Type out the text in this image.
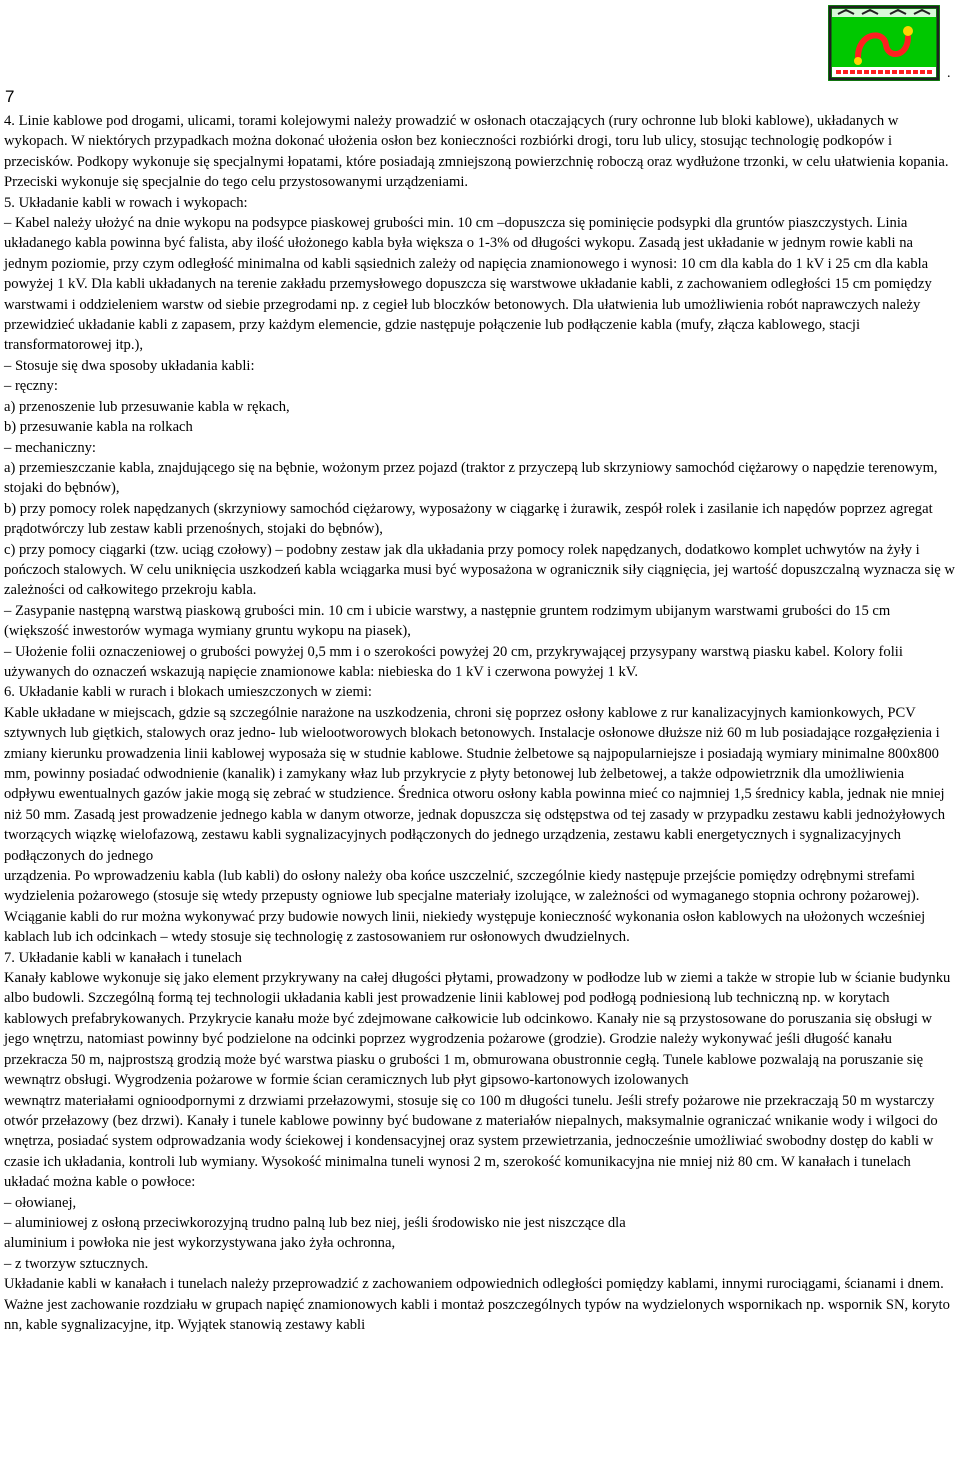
.
7

4. Linie kablowe pod drogami, ulicami, torami kolejowymi należy prowadzić w osłonach otaczających (rury ochronne lub bloki kablowe), układanych w wykopach. W niektórych przypadkach można dokonać ułożenia osłon bez konieczności rozbiórki drogi, toru lub ulicy, stosując technologię podkopów i przecisków. Podkopy wykonuje się specjalnymi łopatami, które posiadają zmniejszoną powierzchnię roboczą oraz wydłużone trzonki, w celu ułatwienia kopania. Przeciski wykonuje się specjalnie do tego celu przystosowanymi urządzeniami.

5. Układanie kabli w rowach i wykopach:

– Kabel należy ułożyć na dnie wykopu na podsypce piaskowej grubości min. 10 cm –dopuszcza się pominięcie podsypki dla gruntów piaszczystych. Linia układanego kabla powinna być falista, aby ilość ułożonego kabla była większa o 1-3% od długości wykopu. Zasadą jest układanie w jednym rowie kabli na jednym poziomie, przy czym odległość minimalna od kabli sąsiednich zależy od napięcia znamionowego i wynosi: 10 cm dla kabla do 1 kV i 25 cm dla kabla powyżej 1 kV. Dla kabli układanych na terenie zakładu przemysłowego dopuszcza się warstwowe układanie kabli, z zachowaniem odległości 15 cm pomiędzy warstwami i oddzieleniem warstw od siebie przegrodami np. z cegieł lub bloczków betonowych. Dla ułatwienia lub umożliwienia robót naprawczych należy przewidzieć układanie kabli z zapasem, przy każdym elemencie, gdzie następuje połączenie lub podłączenie kabla (mufy, złącza kablowego, stacji transformatorowej itp.),

– Stosuje się dwa sposoby układania kabli:

– ręczny:

a) przenoszenie lub przesuwanie kabla w rękach,

b) przesuwanie kabla na rolkach

– mechaniczny:

a) przemieszczanie kabla, znajdującego się na bębnie, wożonym przez pojazd (traktor z przyczepą lub skrzyniowy samochód ciężarowy o napędzie terenowym, stojaki do bębnów),

b) przy pomocy rolek napędzanych (skrzyniowy samochód ciężarowy, wyposażony w ciągarkę i żurawik, zespół rolek i zasilanie ich napędów poprzez agregat prądotwórczy lub zestaw kabli przenośnych, stojaki do bębnów),

c) przy pomocy ciągarki (tzw. uciąg czołowy) – podobny zestaw jak dla układania przy pomocy rolek napędzanych, dodatkowo komplet uchwytów na żyły i pończoch stalowych. W celu uniknięcia uszkodzeń kabla wciągarka musi być wyposażona w ogranicznik siły ciągnięcia, jej wartość dopuszczalną wyznacza się w zależności od całkowitego przekroju kabla.

– Zasypanie następną warstwą piaskową grubości min. 10 cm i ubicie warstwy, a następnie gruntem rodzimym ubijanym warstwami grubości do 15 cm (większość inwestorów wymaga wymiany gruntu wykopu na piasek),

– Ułożenie folii oznaczeniowej o grubości powyżej 0,5 mm i o szerokości powyżej 20 cm, przykrywającej przysypany warstwą piasku kabel. Kolory folii używanych do oznaczeń wskazują napięcie znamionowe kabla: niebieska do 1 kV i czerwona powyżej 1 kV.

6. Układanie kabli w rurach i blokach umieszczonych w ziemi:

Kable układane w miejscach, gdzie są szczególnie narażone na uszkodzenia, chroni się poprzez osłony kablowe z rur kanalizacyjnych kamionkowych, PCV sztywnych lub giętkich, stalowych oraz jedno- lub wielootworowych blokach betonowych. Instalacje osłonowe dłuższe niż 60 m lub posiadające rozgałęzienia i zmiany kierunku prowadzenia linii kablowej wyposaża się w studnie kablowe. Studnie żelbetowe są najpopularniejsze i posiadają wymiary minimalne 800x800 mm, powinny posiadać odwodnienie (kanalik) i zamykany właz lub przykrycie z płyty betonowej lub żelbetowej, a także odpowietrznik dla umożliwienia odpływu ewentualnych gazów jakie mogą się zebrać w studzience. Średnica otworu osłony kabla powinna mieć co najmniej 1,5 średnicy kabla, jednak nie mniej niż 50 mm. Zasadą jest prowadzenie jednego kabla w danym otworze, jednak dopuszcza się odstępstwa od tej zasady w przypadku zestawu kabli jednożyłowych tworzących wiązkę wielofazową, zestawu kabli sygnalizacyjnych podłączonych do jednego urządzenia, zestawu kabli energetycznych i sygnalizacyjnych podłączonych do jednego

urządzenia. Po wprowadzeniu kabla (lub kabli) do osłony należy oba końce uszczelnić, szczególnie kiedy następuje przejście pomiędzy odrębnymi strefami wydzielenia pożarowego (stosuje się wtedy przepusty ogniowe lub specjalne materiały izolujące, w zależności od wymaganego stopnia ochrony pożarowej). Wciąganie kabli do rur można wykonywać przy budowie nowych linii, niekiedy występuje konieczność wykonania osłon kablowych na ułożonych wcześniej kablach lub ich odcinkach – wtedy stosuje się technologię z zastosowaniem rur osłonowych dwudzielnych.

7. Układanie kabli w kanałach i tunelach

Kanały kablowe wykonuje się jako element przykrywany na całej długości płytami, prowadzony w podłodze lub w ziemi a także w stropie lub w ścianie budynku albo budowli. Szczególną formą tej technologii układania kabli jest prowadzenie linii kablowej pod podłogą podniesioną lub techniczną np. w korytach kablowych prefabrykowanych. Przykrycie kanału może być zdejmowane całkowicie lub odcinkowo. Kanały nie są przystosowane do poruszania się obsługi w jego wnętrzu, natomiast powinny być podzielone na odcinki poprzez wygrodzenia pożarowe (grodzie). Grodzie należy wykonywać jeśli długość kanału przekracza 50 m, najprostszą grodzią może być warstwa piasku o grubości 1 m, obmurowana obustronnie cegłą. Tunele kablowe pozwalają na poruszanie się wewnątrz obsługi. Wygrodzenia pożarowe w formie ścian ceramicznych lub płyt gipsowo-kartonowych izolowanych

wewnątrz materiałami ognioodpornymi z drzwiami przełazowymi, stosuje się co 100 m długości tunelu. Jeśli strefy pożarowe nie przekraczają 50 m wystarczy otwór przełazowy (bez drzwi). Kanały i tunele kablowe powinny być budowane z materiałów niepalnych, maksymalnie ograniczać wnikanie wody i wilgoci do wnętrza, posiadać system odprowadzania wody ściekowej i kondensacyjnej oraz system przewietrzania, jednocześnie umożliwiać swobodny dostęp do kabli w czasie ich układania, kontroli lub wymiany. Wysokość minimalna tuneli wynosi 2 m, szerokość komunikacyjna nie mniej niż 80 cm. W kanałach i tunelach układać można kable o powłoce:

– ołowianej,

– aluminiowej z osłoną przeciwkorozyjną trudno palną lub bez niej, jeśli środowisko nie jest niszczące dla

aluminium i powłoka nie jest wykorzystywana jako żyła ochronna,

– z tworzyw sztucznych.

Układanie kabli w kanałach i tunelach należy przeprowadzić z zachowaniem odpowiednich odległości pomiędzy kablami, innymi rurociągami, ścianami i dnem. Ważne jest zachowanie rozdziału w grupach napięć znamionowych kabli i montaż poszczególnych typów na wydzielonych wspornikach np. wspornik SN, koryto nn, kable sygnalizacyjne, itp. Wyjątek stanowią zestawy kabli
